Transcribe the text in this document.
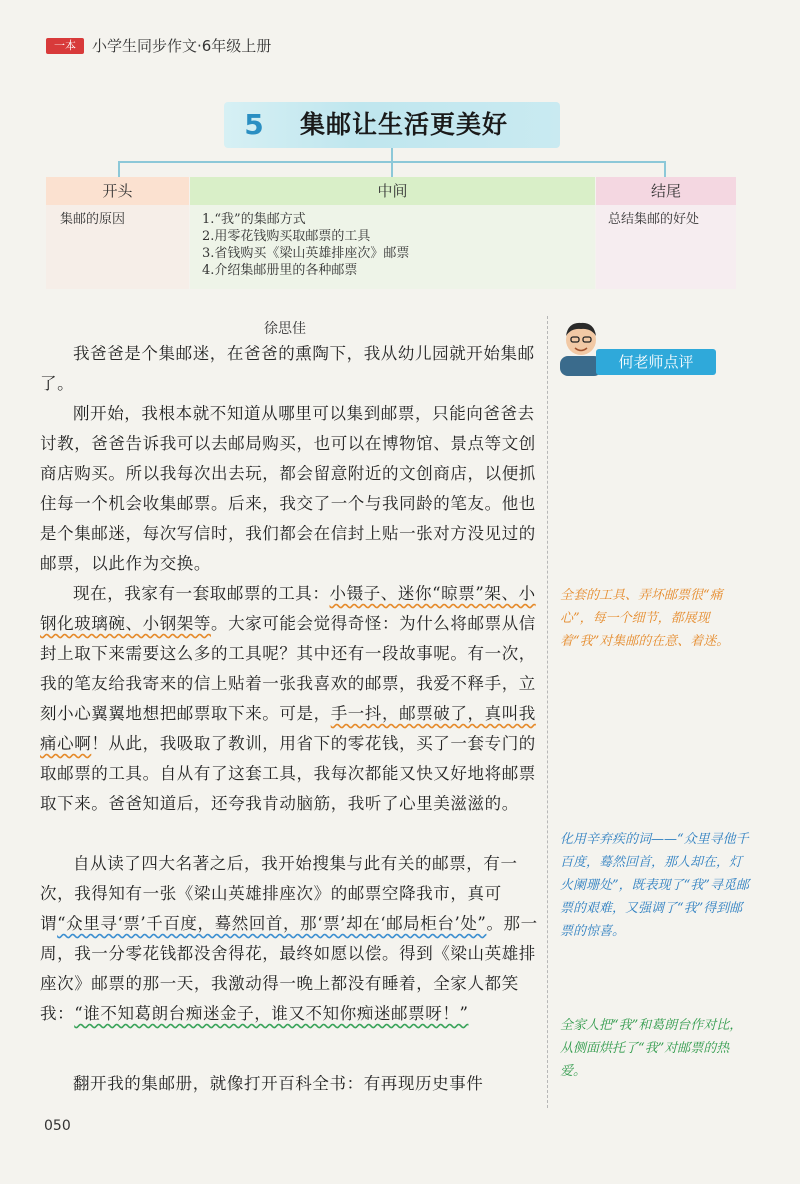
一本	小学生同步作文·6年级上册
5 集邮让生活更美好
开头
集邮的原因
中间
1.“我”的集邮方式
2.用零花钱购买取邮票的工具
3.省钱购买《梁山英雄排座次》邮票
4.介绍集邮册里的各种邮票
结尾
总结集邮的好处
徐思佳

我爸爸是个集邮迷，在爸爸的熏陶下，我从幼儿园就开始集邮了。

刚开始，我根本就不知道从哪里可以集到邮票，只能向爸爸去讨教，爸爸告诉我可以去邮局购买，也可以在博物馆、景点等文创商店购买。所以我每次出去玩，都会留意附近的文创商店，以便抓住每一个机会收集邮票。后来，我交了一个与我同龄的笔友。他也是个集邮迷，每次写信时，我们都会在信封上贴一张对方没见过的邮票，以此作为交换。

现在，我家有一套取邮票的工具：小镊子、迷你“晾票”架、小钢化玻璃碗、小钢架等。大家可能会觉得奇怪：为什么将邮票从信封上取下来需要这么多的工具呢？其中还有一段故事呢。有一次，我的笔友给我寄来的信上贴着一张我喜欢的邮票，我爱不释手，立刻小心翼翼地想把邮票取下来。可是，手一抖，邮票破了，真叫我痛心啊！从此，我吸取了教训，用省下的零花钱，买了一套专门的取邮票的工具。自从有了这套工具，我每次都能又快又好地将邮票取下来。爸爸知道后，还夸我肯动脑筋，我听了心里美滋滋的。

自从读了四大名著之后，我开始搜集与此有关的邮票，有一次，我得知有一张《梁山英雄排座次》的邮票空降我市，真可谓“众里寻‘票’千百度，蓦然回首，那‘票’却在‘邮局柜台’处”。那一周，我一分零花钱都没舍得花，最终如愿以偿。得到《梁山英雄排座次》邮票的那一天，我激动得一晚上都没有睡着，全家人都笑我：“谁不知葛朗台痴迷金子，谁又不知你痴迷邮票呀！”

翻开我的集邮册，就像打开百科全书：有再现历史事件

何老师点评
全套的工具、弄坏邮票很“痛心”，每一个细节，都展现着“我”对集邮的在意、着迷。
化用辛弃疾的词——“众里寻他千百度，蓦然回首，那人却在，灯火阑珊处”，既表现了“我”寻觅邮票的艰难，又强调了“我”得到邮票的惊喜。
全家人把“我”和葛朗台作对比，从侧面烘托了“我”对邮票的热爱。
050
